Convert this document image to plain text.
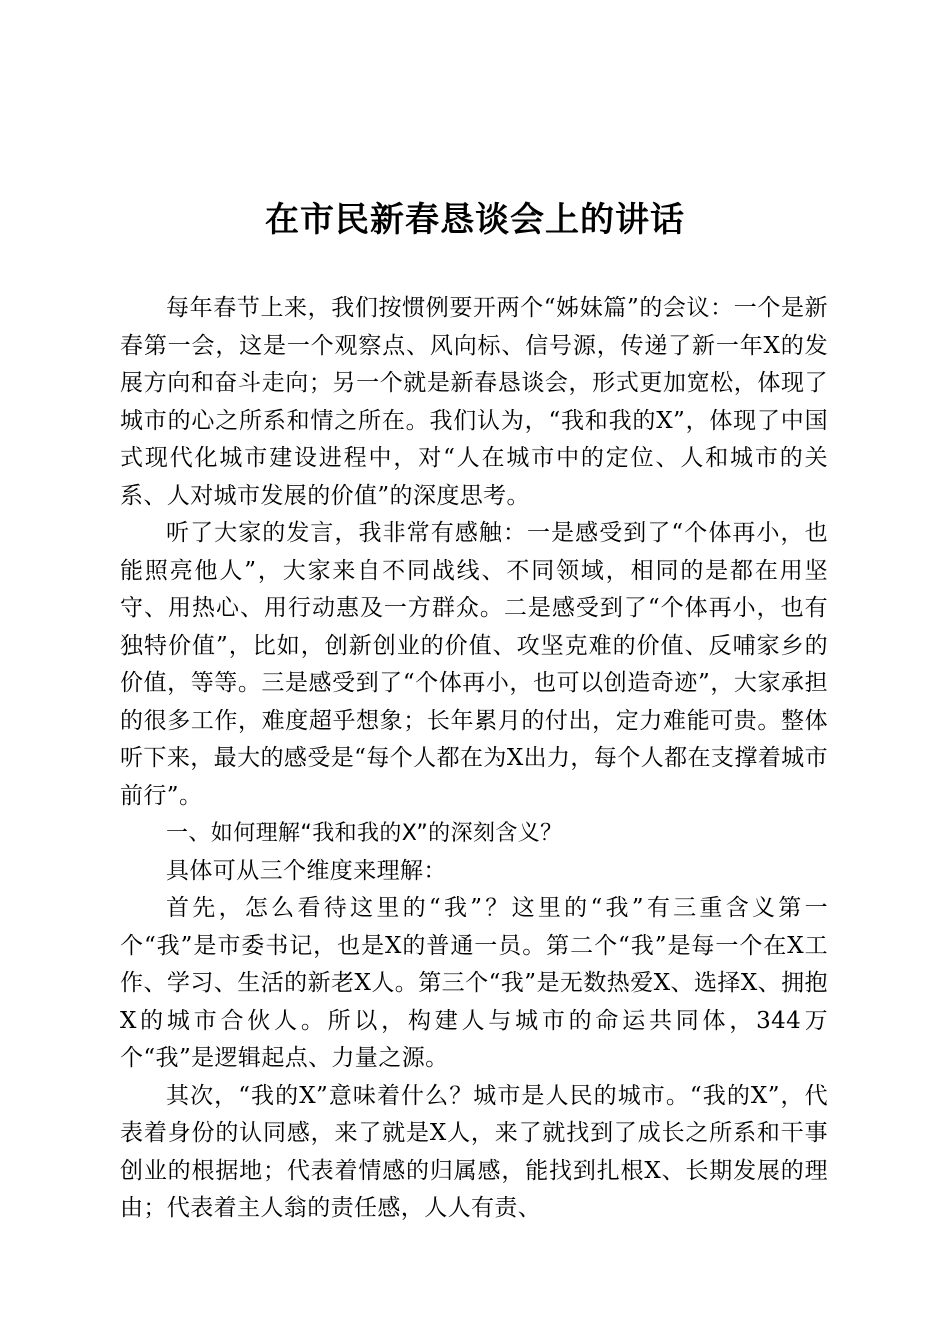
在市民新春恳谈会上的讲话

每年春节上来，我们按惯例要开两个“姊妹篇”的会议：一个是新春第一会，这是一个观察点、风向标、信号源，传递了新一年X的发展方向和奋斗走向；另一个就是新春恳谈会，形式更加宽松，体现了城市的心之所系和情之所在。我们认为，“我和我的X”，体现了中国式现代化城市建设进程中，对“人在城市中的定位、人和城市的关系、人对城市发展的价值”的深度思考。

听了大家的发言，我非常有感触：一是感受到了“个体再小，也能照亮他人”，大家来自不同战线、不同领域，相同的是都在用坚守、用热心、用行动惠及一方群众。二是感受到了“个体再小，也有独特价值”，比如，创新创业的价值、攻坚克难的价值、反哺家乡的价值，等等。三是感受到了“个体再小，也可以创造奇迹”，大家承担的很多工作，难度超乎想象；长年累月的付出，定力难能可贵。整体听下来，最大的感受是“每个人都在为X出力，每个人都在支撑着城市前行”。

一、如何理解“我和我的X”的深刻含义？

具体可从三个维度来理解：

首先，怎么看待这里的“我”？这里的“我”有三重含义第一个“我”是市委书记，也是X的普通一员。第二个“我”是每一个在X工作、学习、生活的新老X人。第三个“我”是无数热爱X、选择X、拥抱X的城市合伙人。所以，构建人与城市的命运共同体，344万个“我”是逻辑起点、力量之源。

其次，“我的X”意味着什么？城市是人民的城市。“我的X”，代表着身份的认同感，来了就是X人，来了就找到了成长之所系和干事创业的根据地；代表着情感的归属感，能找到扎根X、长期发展的理由；代表着主人翁的责任感，人人有责、
